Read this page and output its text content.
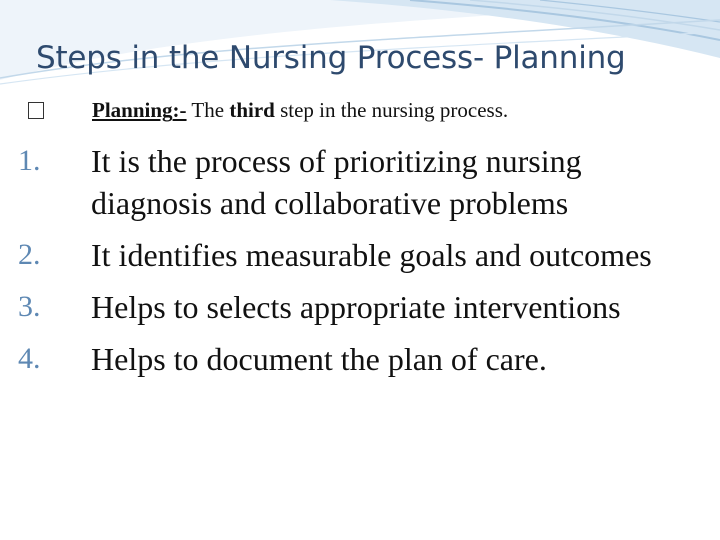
Steps in the Nursing Process- Planning
Planning:- The third step in the nursing process.
1. It is the process of prioritizing nursing diagnosis and collaborative problems
2. It identifies measurable goals and outcomes
3. Helps to selects appropriate interventions
4. Helps to document the plan of care.
